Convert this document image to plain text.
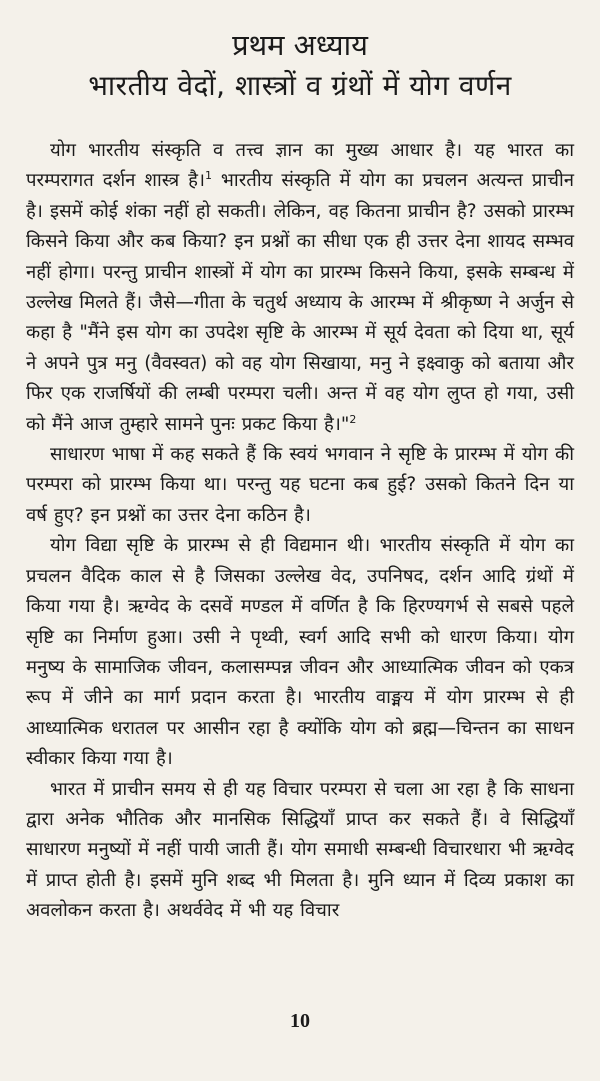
प्रथम अध्याय
भारतीय वेदों, शास्त्रों व ग्रंथों में योग वर्णन

योग भारतीय संस्कृति व तत्त्व ज्ञान का मुख्य आधार है। यह भारत का परम्परागत दर्शन शास्त्र है।$^1$ भारतीय संस्कृति में योग का प्रचलन अत्यन्त प्राचीन है। इसमें कोई शंका नहीं हो सकती। लेकिन, वह कितना प्राचीन है? उसको प्रारम्भ किसने किया और कब किया? इन प्रश्नों का सीधा एक ही उत्तर देना शायद सम्भव नहीं होगा। परन्तु प्राचीन शास्त्रों में योग का प्रारम्भ किसने किया, इसके सम्बन्ध में उल्लेख मिलते हैं। जैसे—गीता के चतुर्थ अध्याय के आरम्भ में श्रीकृष्ण ने अर्जुन से कहा है "मैंने इस योग का उपदेश सृष्टि के आरम्भ में सूर्य देवता को दिया था, सूर्य ने अपने पुत्र मनु (वैवस्वत) को वह योग सिखाया, मनु ने इक्ष्वाकु को बताया और फिर एक राजर्षियों की लम्बी परम्परा चली। अन्त में वह योग लुप्त हो गया, उसी को मैंने आज तुम्हारे सामने पुनः प्रकट किया है।"$^2$

साधारण भाषा में कह सकते हैं कि स्वयं भगवान ने सृष्टि के प्रारम्भ में योग की परम्परा को प्रारम्भ किया था। परन्तु यह घटना कब हुई? उसको कितने दिन या वर्ष हुए? इन प्रश्नों का उत्तर देना कठिन है।

योग विद्या सृष्टि के प्रारम्भ से ही विद्यमान थी। भारतीय संस्कृति में योग का प्रचलन वैदिक काल से है जिसका उल्लेख वेद, उपनिषद, दर्शन आदि ग्रंथों में किया गया है। ऋग्वेद के दसवें मण्डल में वर्णित है कि हिरण्यगर्भ से सबसे पहले सृष्टि का निर्माण हुआ। उसी ने पृथ्वी, स्वर्ग आदि सभी को धारण किया। योग मनुष्य के सामाजिक जीवन, कलासम्पन्न जीवन और आध्यात्मिक जीवन को एकत्र रूप में जीने का मार्ग प्रदान करता है। भारतीय वाङ्मय में योग प्रारम्भ से ही आध्यात्मिक धरातल पर आसीन रहा है क्योंकि योग को ब्रह्म—चिन्तन का साधन स्वीकार किया गया है।

भारत में प्राचीन समय से ही यह विचार परम्परा से चला आ रहा है कि साधना द्वारा अनेक भौतिक और मानसिक सिद्धियाँ प्राप्त कर सकते हैं। वे सिद्धियाँ साधारण मनुष्यों में नहीं पायी जाती हैं। योग समाधी सम्बन्धी विचारधारा भी ऋग्वेद में प्राप्त होती है। इसमें मुनि शब्द भी मिलता है। मुनि ध्यान में दिव्य प्रकाश का अवलोकन करता है। अथर्ववेद में भी यह विचार

10
